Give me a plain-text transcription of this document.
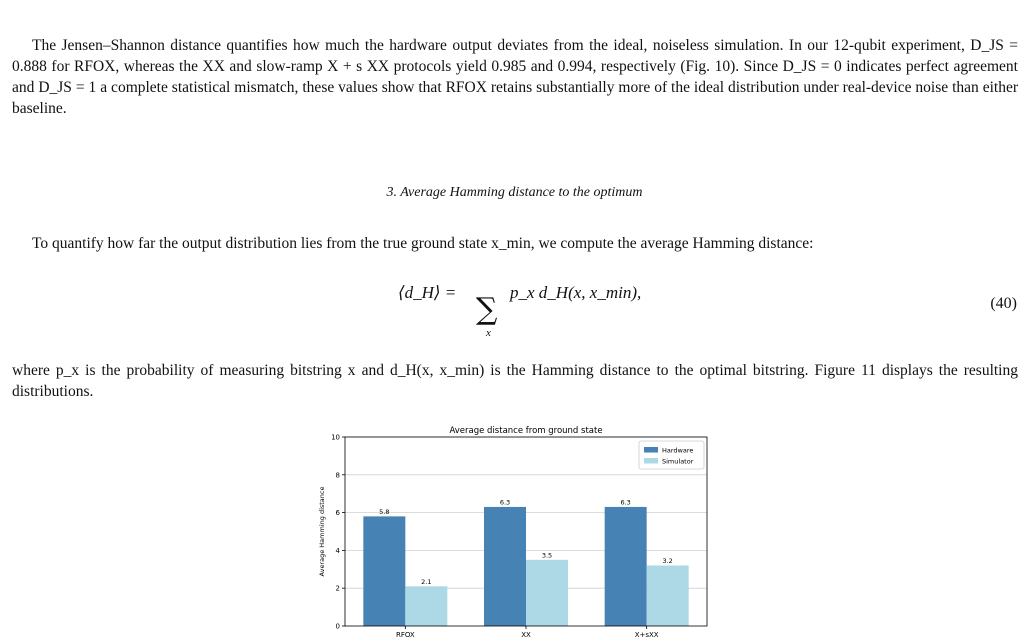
The Jensen–Shannon distance quantifies how much the hardware output deviates from the ideal, noiseless simulation. In our 12-qubit experiment, D_JS = 0.888 for RFOX, whereas the XX and slow-ramp X + s XX protocols yield 0.985 and 0.994, respectively (Fig. 10). Since D_JS = 0 indicates perfect agreement and D_JS = 1 a complete statistical mismatch, these values show that RFOX retains substantially more of the ideal distribution under real-device noise than either baseline.

3. Average Hamming distance to the optimum

To quantify how far the output distribution lies from the true ground state x_min, we compute the average Hamming distance:

⟨d_H⟩ = ∑
x
p_x d_H(x, x_min),
(40)

where p_x is the probability of measuring bitstring x and d_H(x, x_min) is the Hamming distance to the optimal bitstring. Figure 11 displays the resulting distributions.

0
2
4
6
8
10
5.8
2.1
RFOX
6.3
3.5
XX
6.3
3.2
X+sXX
Average distance from ground state
Average Hamming distance
Hardware
Simulator
